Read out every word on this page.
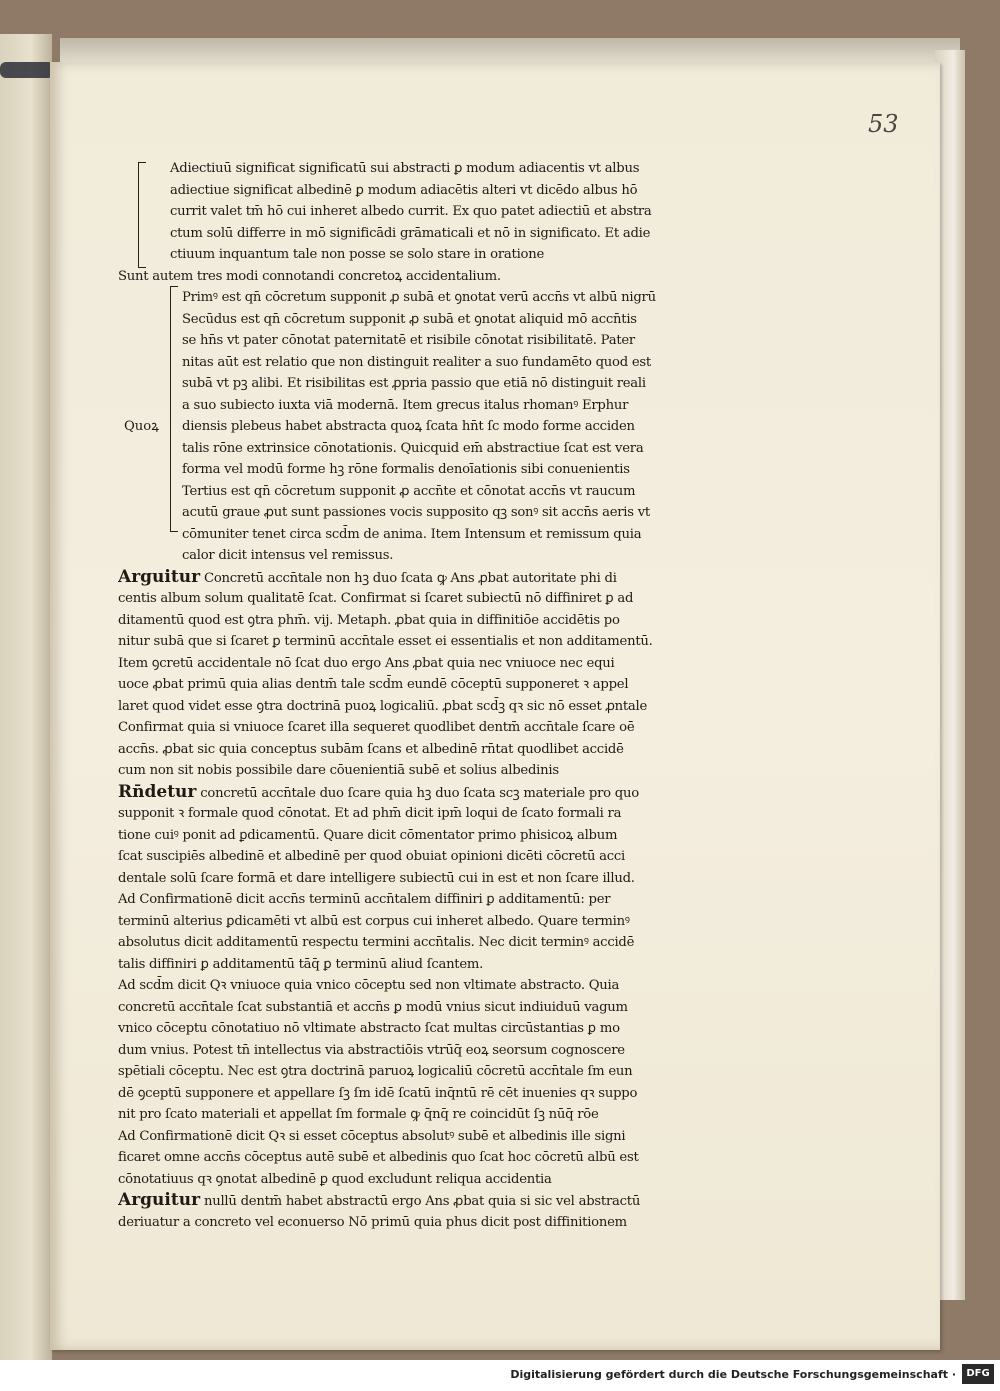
53
Adiectiuū significat significatū sui abstracti ꝑ modum adiacentis vt albus
adiectiue significat albedinē ꝑ modum adiacētis alteri vt dicēdo albus hō
currit valet tm̄ hō cui inheret albedo currit. Ex quo patet adiectiū et abstra
ctum solū differre in mō significādi grāmaticali et nō in significato. Et adie
ctiuum inquantum tale non posse se solo stare in oratione
Sunt autem tres modi connotandi concretoꝝ accidentalium.
Primꝰ est qn̄ cōcretum supponit ꝓ subā et ꝯnotat verū accn̄s vt albū nigrū
Secūdus est qn̄ cōcretum supponit ꝓ subā et ꝯnotat aliquid mō accn̄tis
se hn̄s vt pater cōnotat paternitatē et risibile cōnotat risibilitatē. Pater
nitas aūt est relatio que non distinguit realiter a suo fundamēto quod est
subā vt pꝫ alibi. Et risibilitas est ꝓpria passio que etiā nō distinguit reali
a suo subiecto iuxta viā modernā. Item grecus italus rhomanꝰ Erphur
diensis plebeus habet abstracta quoꝝ ſcata hn̄t ſc modo forme acciden
talis rōne extrinsice cōnotationis. Quicquid em̄ abstractiue ſcat est vera
forma vel modū forme hꝫ rōne formalis denoīationis sibi conuenientis
Tertius est qn̄ cōcretum supponit ꝓ accn̄te et cōnotat accn̄s vt raucum
acutū graue ꝓut sunt passiones vocis supposito qꝫ sonꝰ sit accn̄s aeris vt
cōmuniter tenet circa scd̄m de anima. Item Intensum et remissum quia
calor dicit intensus vel remissus.
Arguitur Concretū accn̄tale non hꝫ duo ſcata ꝙ Ans ꝓbat autoritate phi di
centis album solum qualitatē ſcat. Confirmat si ſcaret subiectū nō diffiniret ꝑ ad
ditamentū quod est ꝯtra phm̄. vij. Metaph. ꝓbat quia in diffinitiōe accidētis po
nitur subā que si ſcaret ꝑ terminū accn̄tale esset ei essentialis et non additamentū.
Item ꝯcretū accidentale nō ſcat duo ergo Ans ꝓbat quia nec vniuoce nec equi
uoce ꝓbat primū quia alias dentm̄ tale scd̄m eundē cōceptū supponeret ꝛ appel
laret quod videt esse ꝯtra doctrinā puoꝝ logicaliū. ꝓbat scd̄ꝫ qꝛ sic nō esset ꝓntale
Confirmat quia si vniuoce ſcaret illa sequeret quodlibet dentm̄ accn̄tale ſcare oē
accn̄s. ꝓbat sic quia conceptus subām ſcans et albedinē rn̄tat quodlibet accidē
cum non sit nobis possibile dare cōuenientiā subē et solius albedinis
Rn̄detur concretū accn̄tale duo ſcare quia hꝫ duo ſcata scꝫ materiale pro quo
supponit ꝛ formale quod cōnotat. Et ad phm̄ dicit ipm̄ loqui de ſcato formali ra
tione cuiꝰ ponit ad ꝑdicamentū. Quare dicit cōmentator primo phisicoꝝ album
ſcat suscipiēs albedinē et albedinē per quod obuiat opinioni dicēti cōcretū acci
dentale solū ſcare formā et dare intelligere subiectū cui in est et non ſcare illud.
Ad Confirmationē dicit accn̄s terminū accn̄talem diffiniri ꝑ additamentū: per
terminū alterius ꝑdicamēti vt albū est corpus cui inheret albedo. Quare terminꝰ
absolutus dicit additamentū respectu termini accn̄talis. Nec dicit terminꝰ accidē
talis diffiniri ꝑ additamentū tāq̄ ꝑ terminū aliud ſcantem.
Ad scd̄m dicit Qꝛ vniuoce quia vnico cōceptu sed non vltimate abstracto. Quia
concretū accn̄tale ſcat substantiā et accn̄s ꝑ modū vnius sicut indiuiduū vagum
vnico cōceptu cōnotatiuo nō vltimate abstracto ſcat multas circūstantias ꝑ mo
dum vnius. Potest tn̄ intellectus via abstractiōis vtrūq̄ eoꝝ seorsum cognoscere
spētiali cōceptu. Nec est ꝯtra doctrinā paruoꝝ logicaliū cōcretū accn̄tale ſm eun
dē ꝯceptū supponere et appellare ſꝫ ſm idē ſcatū inq̄ntū rē cēt inuenies qꝛ suppo
nit pro ſcato materiali et appellat ſm formale ꝙ q̄nq̄ re coincidūt ſꝫ nūq̄ rōe
Ad Confirmationē dicit Qꝛ si esset cōceptus absolutꝰ subē et albedinis ille signi
ficaret omne accn̄s cōceptus autē subē et albedinis quo ſcat hoc cōcretū albū est
cōnotatiuus qꝛ ꝯnotat albedinē ꝑ quod excludunt reliqua accidentia
Arguitur nullū dentm̄ habet abstractū ergo Ans ꝓbat quia si sic vel abstractū
deriuatur a concreto vel econuerso Nō primū quia phus dicit post diffinitionem
Quoꝝ
Digitalisierung gefördert durch die Deutsche Forschungsgemeinschaft ·	DFG
